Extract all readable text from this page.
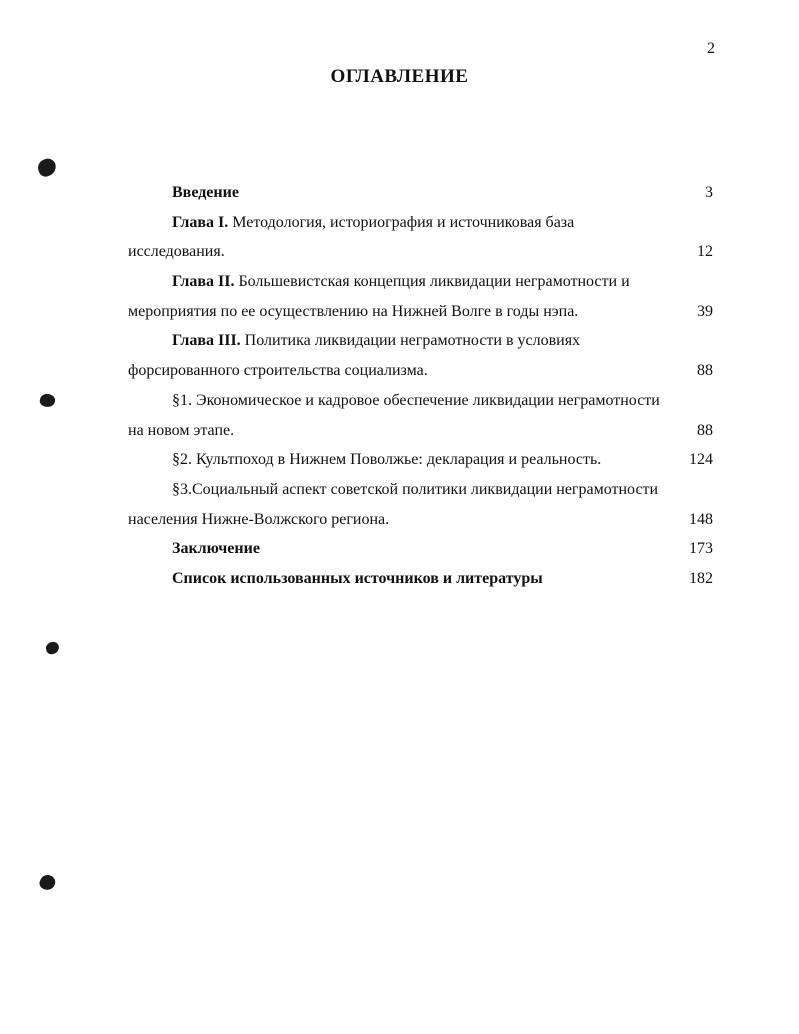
2
ОГЛАВЛЕНИЕ
Введение	3
Глава I. Методология, историография и источниковая база
исследования.	12
Глава II. Большевистская концепция ликвидации неграмотности и
мероприятия по ее осуществлению на Нижней Волге в годы нэпа.	39
Глава III. Политика ликвидации неграмотности в условиях
форсированного строительства социализма.	88
§1. Экономическое и кадровое обеспечение ликвидации неграмотности
на новом этапе.	88
§2. Культпоход в Нижнем Поволжье: декларация и реальность.	124
§3.Социальный аспект советской политики ликвидации неграмотности
населения Нижне-Волжского региона.	148
Заключение	173
Список использованных источников и литературы	182
